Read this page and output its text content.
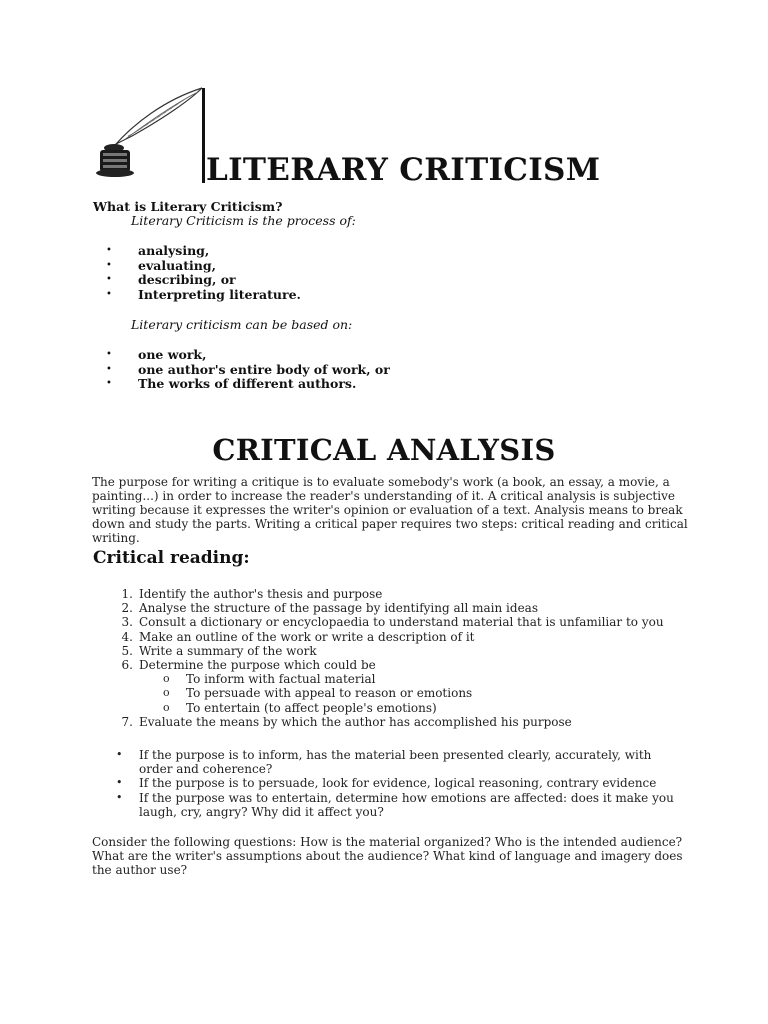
LITERARY CRITICISM
What is Literary Criticism?
Literary Criticism is the process of:
• analysing,
• evaluating,
• describing, or
• Interpreting literature.
Literary criticism can be based on:
• one work,
• one author's entire body of work, or
• The works of different authors.
CRITICAL ANALYSIS
The purpose for writing a critique is to evaluate somebody's work (a book, an essay, a movie, a painting...) in order to increase the reader's understanding of it. A critical analysis is subjective writing because it expresses the writer's opinion or evaluation of a text. Analysis means to break down and study the parts. Writing a critical paper requires two steps: critical reading and critical writing.
Critical reading:
1. Identify the author's thesis and purpose
2. Analyse the structure of the passage by identifying all main ideas
3. Consult a dictionary or encyclopaedia to understand material that is unfamiliar to you
4. Make an outline of the work or write a description of it
5. Write a summary of the work
6. Determine the purpose which could be
o To inform with factual material
o To persuade with appeal to reason or emotions
o To entertain (to affect people's emotions)
7. Evaluate the means by which the author has accomplished his purpose
• If the purpose is to inform, has the material been presented clearly, accurately, with order and coherence?
• If the purpose is to persuade, look for evidence, logical reasoning, contrary evidence
• If the purpose was to entertain, determine how emotions are affected: does it make you laugh, cry, angry? Why did it affect you?
Consider the following questions: How is the material organized? Who is the intended audience? What are the writer's assumptions about the audience? What kind of language and imagery does the author use?
